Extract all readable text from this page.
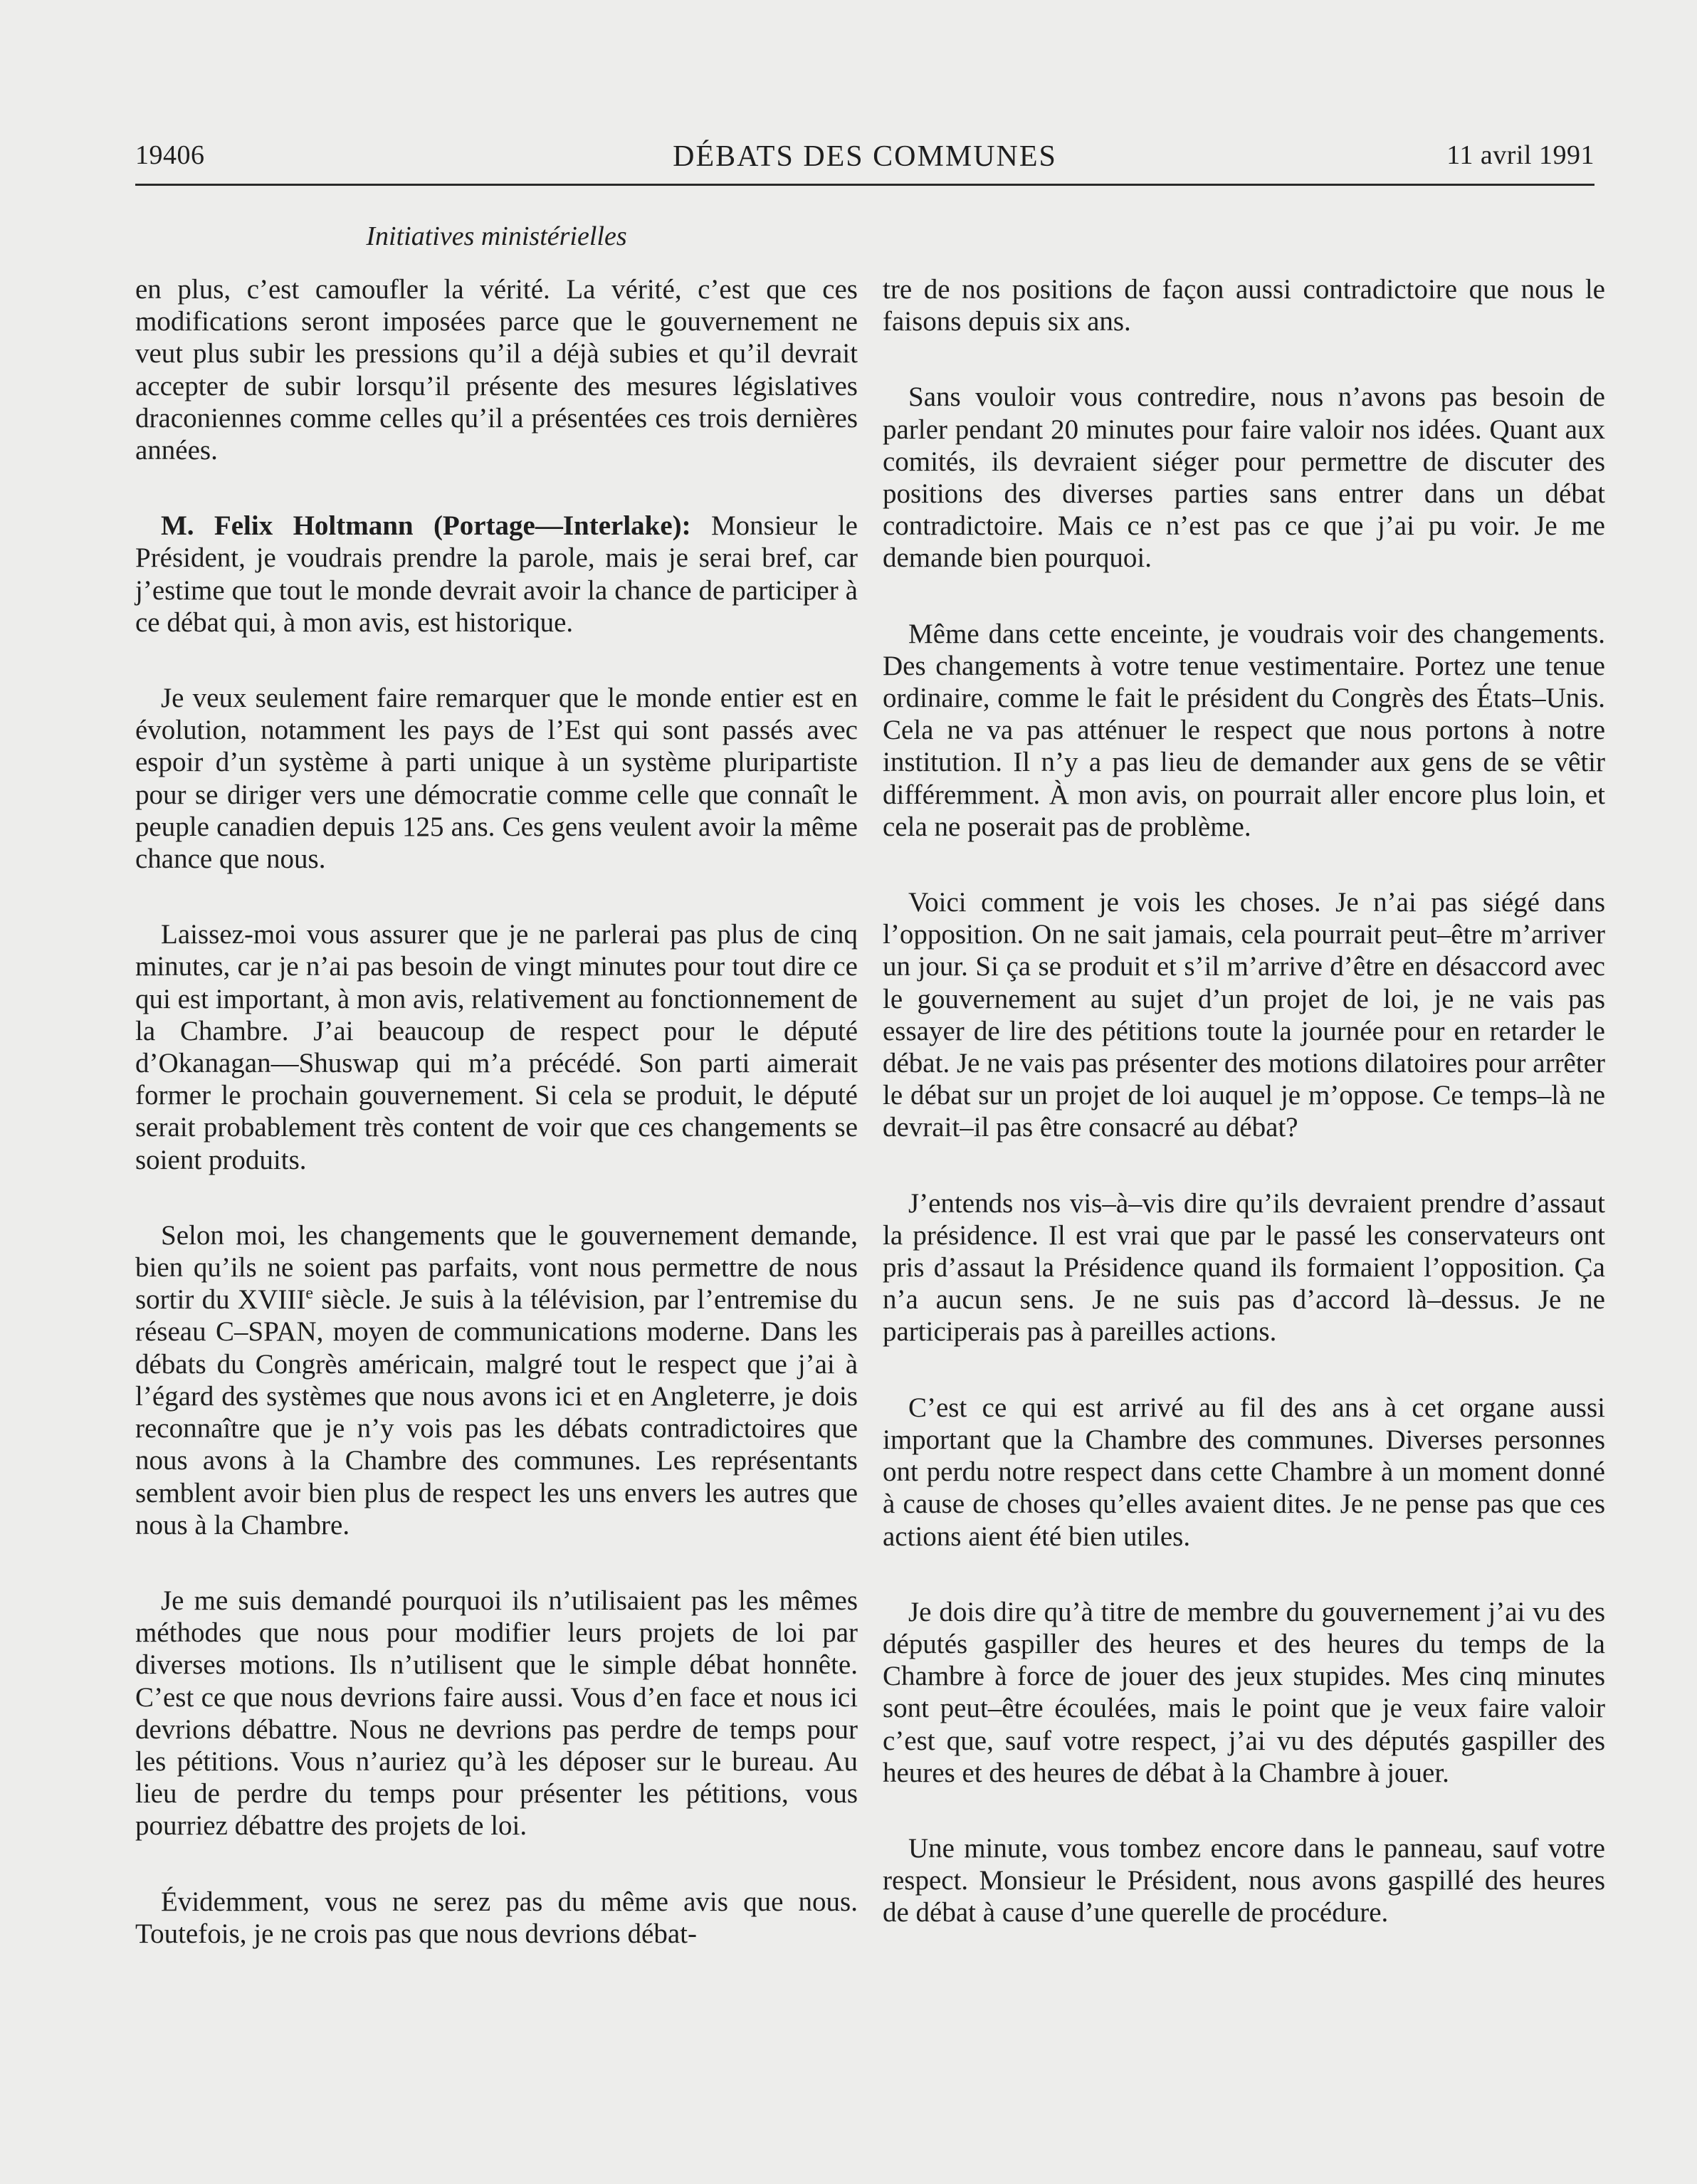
DÉBATS DES COMMUNES
19406	11 avril 1991
Initiatives ministérielles

en plus, c’est camoufler la vérité. La vérité, c’est que ces modifications seront imposées parce que le gouvernement ne veut plus subir les pressions qu’il a déjà subies et qu’il devrait accepter de subir lorsqu’il présente des mesures législatives draconiennes comme celles qu’il a présentées ces trois dernières années.

M. Felix Holtmann (Portage—Interlake): Monsieur le Président, je voudrais prendre la parole, mais je serai bref, car j’estime que tout le monde devrait avoir la chance de participer à ce débat qui, à mon avis, est historique.

Je veux seulement faire remarquer que le monde entier est en évolution, notamment les pays de l’Est qui sont passés avec espoir d’un système à parti unique à un système pluripartiste pour se diriger vers une démocratie comme celle que connaît le peuple canadien depuis 125 ans. Ces gens veulent avoir la même chance que nous.

Laissez-moi vous assurer que je ne parlerai pas plus de cinq minutes, car je n’ai pas besoin de vingt minutes pour tout dire ce qui est important, à mon avis, relativement au fonctionnement de la Chambre. J’ai beaucoup de respect pour le député d’Okanagan—Shuswap qui m’a précédé. Son parti aimerait former le prochain gouvernement. Si cela se produit, le député serait probablement très content de voir que ces changements se soient produits.

Selon moi, les changements que le gouvernement demande, bien qu’ils ne soient pas parfaits, vont nous permettre de nous sortir du XVIIIe siècle. Je suis à la télévision, par l’entremise du réseau C–SPAN, moyen de communications moderne. Dans les débats du Congrès américain, malgré tout le respect que j’ai à l’égard des systèmes que nous avons ici et en Angleterre, je dois reconnaître que je n’y vois pas les débats contradictoires que nous avons à la Chambre des communes. Les représentants semblent avoir bien plus de respect les uns envers les autres que nous à la Chambre.

Je me suis demandé pourquoi ils n’utilisaient pas les mêmes méthodes que nous pour modifier leurs projets de loi par diverses motions. Ils n’utilisent que le simple débat honnête. C’est ce que nous devrions faire aussi. Vous d’en face et nous ici devrions débattre. Nous ne devrions pas perdre de temps pour les pétitions. Vous n’auriez qu’à les déposer sur le bureau. Au lieu de perdre du temps pour présenter les pétitions, vous pourriez débattre des projets de loi.

Évidemment, vous ne serez pas du même avis que nous. Toutefois, je ne crois pas que nous devrions débat-

tre de nos positions de façon aussi contradictoire que nous le faisons depuis six ans.

Sans vouloir vous contredire, nous n’avons pas besoin de parler pendant 20 minutes pour faire valoir nos idées. Quant aux comités, ils devraient siéger pour permettre de discuter des positions des diverses parties sans entrer dans un débat contradictoire. Mais ce n’est pas ce que j’ai pu voir. Je me demande bien pourquoi.

Même dans cette enceinte, je voudrais voir des changements. Des changements à votre tenue vestimentaire. Portez une tenue ordinaire, comme le fait le président du Congrès des États–Unis. Cela ne va pas atténuer le respect que nous portons à notre institution. Il n’y a pas lieu de demander aux gens de se vêtir différemment. À mon avis, on pourrait aller encore plus loin, et cela ne poserait pas de problème.

Voici comment je vois les choses. Je n’ai pas siégé dans l’opposition. On ne sait jamais, cela pourrait peut–être m’arriver un jour. Si ça se produit et s’il m’arrive d’être en désaccord avec le gouvernement au sujet d’un projet de loi, je ne vais pas essayer de lire des pétitions toute la journée pour en retarder le débat. Je ne vais pas présenter des motions dilatoires pour arrêter le débat sur un projet de loi auquel je m’oppose. Ce temps–là ne devrait–il pas être consacré au débat?

J’entends nos vis–à–vis dire qu’ils devraient prendre d’assaut la présidence. Il est vrai que par le passé les conservateurs ont pris d’assaut la Présidence quand ils formaient l’opposition. Ça n’a aucun sens. Je ne suis pas d’accord là–dessus. Je ne participerais pas à pareilles actions.

C’est ce qui est arrivé au fil des ans à cet organe aussi important que la Chambre des communes. Diverses personnes ont perdu notre respect dans cette Chambre à un moment donné à cause de choses qu’elles avaient dites. Je ne pense pas que ces actions aient été bien utiles.

Je dois dire qu’à titre de membre du gouvernement j’ai vu des députés gaspiller des heures et des heures du temps de la Chambre à force de jouer des jeux stupides. Mes cinq minutes sont peut–être écoulées, mais le point que je veux faire valoir c’est que, sauf votre respect, j’ai vu des députés gaspiller des heures et des heures de débat à la Chambre à jouer.

Une minute, vous tombez encore dans le panneau, sauf votre respect. Monsieur le Président, nous avons gaspillé des heures de débat à cause d’une querelle de procédure.
